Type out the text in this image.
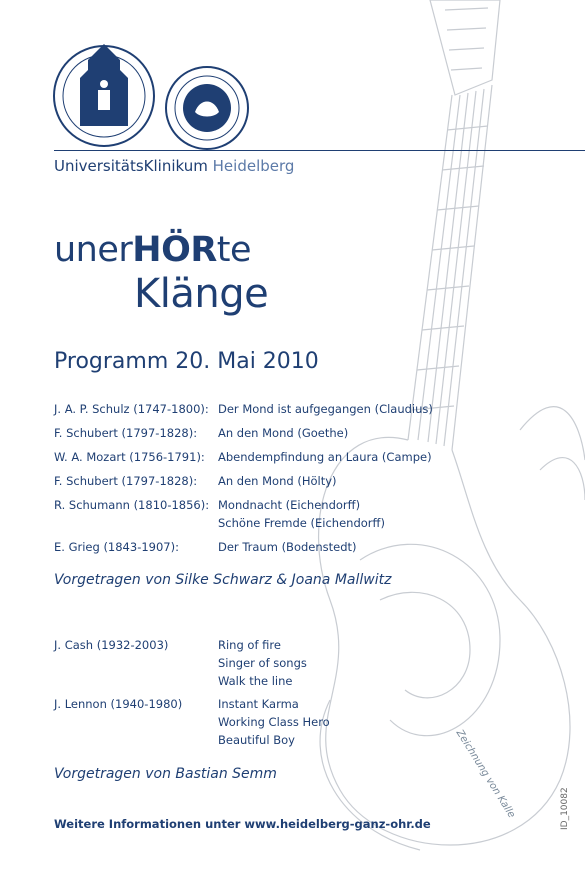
UniversitätsKlinikum Heidelberg
unerHÖRte
Klänge
Programm 20. Mai 2010
J. A. P. Schulz (1747-1800): Der Mond ist aufgegangen (Claudius)
F. Schubert (1797-1828): An den Mond (Goethe)
W. A. Mozart (1756-1791): Abendempfindung an Laura (Campe)
F. Schubert (1797-1828): An den Mond (Hölty)
R. Schumann (1810-1856): Mondnacht (Eichendorff)
Schöne Fremde (Eichendorff)
E. Grieg (1843-1907):	Der Traum (Bodenstedt)
Vorgetragen von Silke Schwarz & Joana Mallwitz
J. Cash (1932-2003)	Ring of fire
Singer of songs
Walk the line
J. Lennon (1940-1980)	Instant Karma
Working Class Hero
Beautiful Boy
Vorgetragen von Bastian Semm
Weitere Informationen unter www.heidelberg-ganz-ohr.de
Zeichnung von Kalle	ID_10082
